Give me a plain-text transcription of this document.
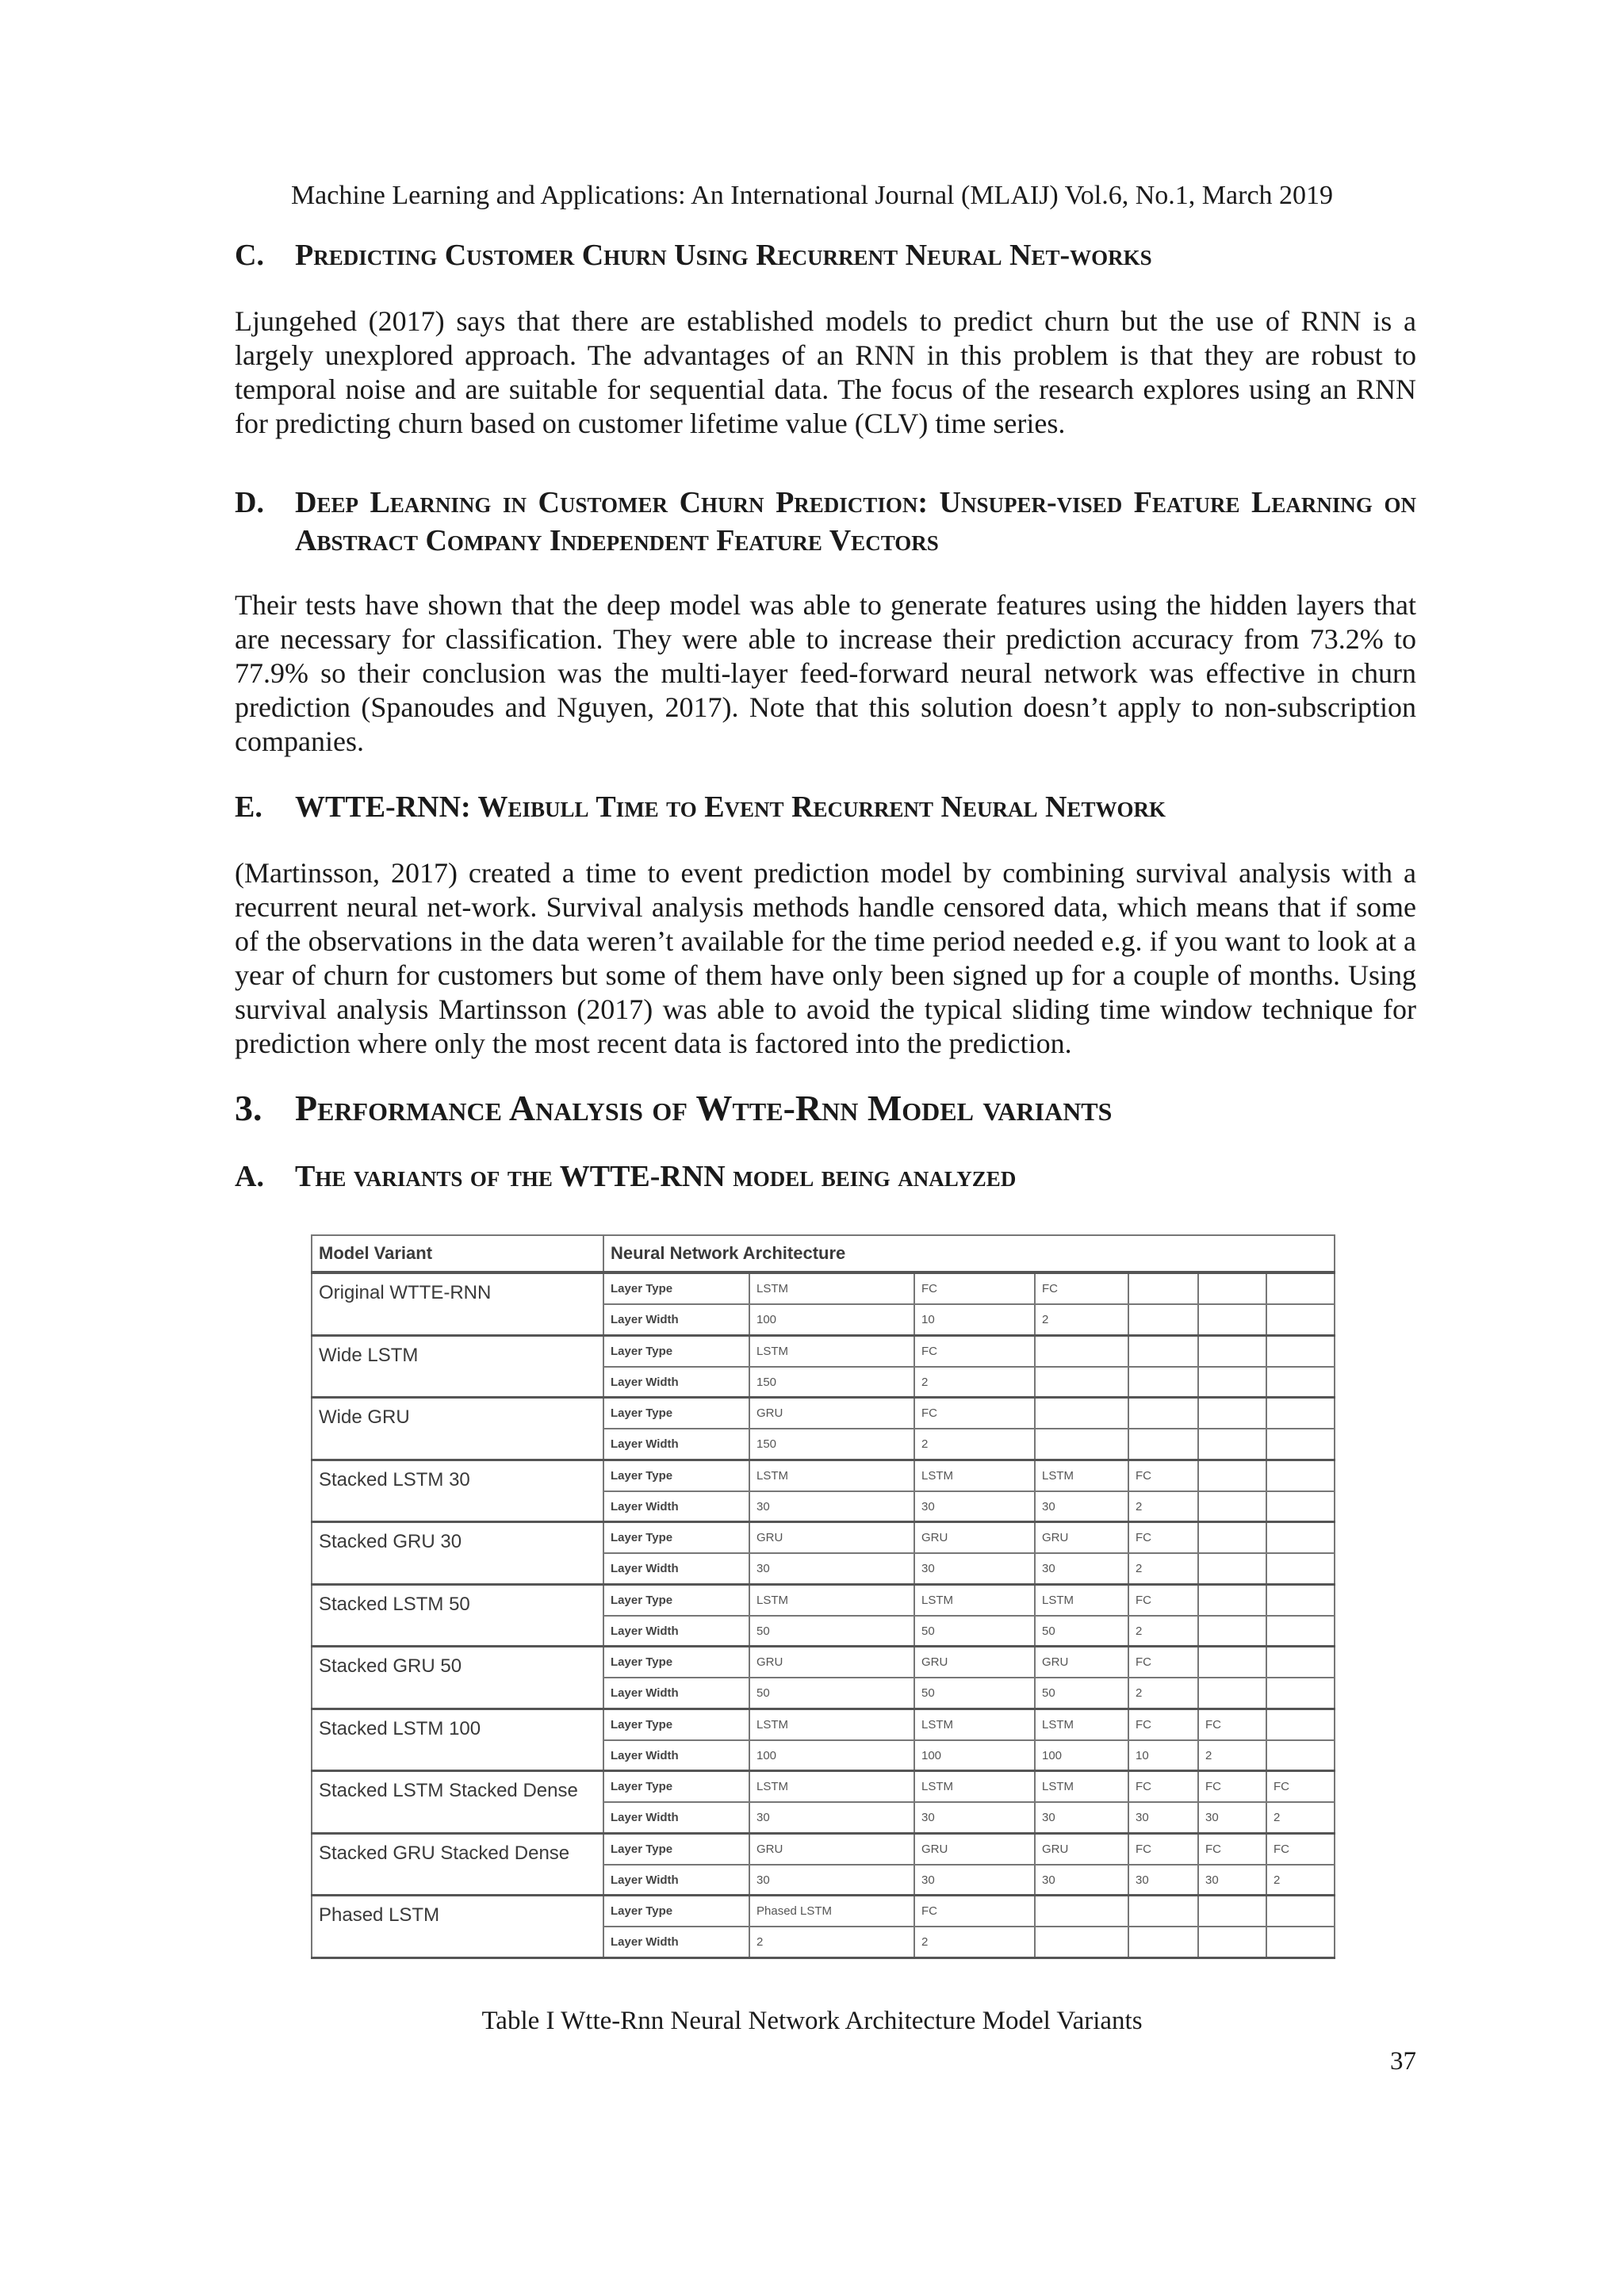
Machine Learning and Applications: An International Journal (MLAIJ) Vol.6, No.1, March 2019
C. Predicting Customer Churn Using Recurrent Neural Net-works

Ljungehed (2017) says that there are established models to predict churn but the use of RNN is a largely unexplored approach. The advantages of an RNN in this problem is that they are robust to temporal noise and are suitable for sequential data. The focus of the research explores using an RNN for predicting churn based on customer lifetime value (CLV) time series.

D. Deep Learning in Customer Churn Prediction: Unsuper-vised Feature Learning on Abstract Company Independent Feature Vectors

Their tests have shown that the deep model was able to generate features using the hidden layers that are necessary for classification. They were able to increase their prediction accuracy from 73.2% to 77.9% so their conclusion was the multi-layer feed-forward neural network was effective in churn prediction (Spanoudes and Nguyen, 2017). Note that this solution doesn’t apply to non-subscription companies.

E. WTTE-RNN: Weibull Time to Event Recurrent Neural Network

(Martinsson, 2017) created a time to event prediction model by combining survival analysis with a recurrent neural net-work. Survival analysis methods handle censored data, which means that if some of the observations in the data weren’t available for the time period needed e.g. if you want to look at a year of churn for customers but some of them have only been signed up for a couple of months. Using survival analysis Martinsson (2017) was able to avoid the typical sliding time window technique for prediction where only the most recent data is factored into the prediction.

3. Performance Analysis of Wtte-Rnn Model variants
A. The variants of the WTTE-RNN model being analyzed
Model Variant	Neural Network Architecture						
Original WTTE-RNN	Layer Type	LSTM	FC	FC			
	Layer Width	100	10	2			
Wide LSTM	Layer Type	LSTM	FC				
	Layer Width	150	2				
Wide GRU	Layer Type	GRU	FC				
	Layer Width	150	2				
Stacked LSTM 30	Layer Type	LSTM	LSTM	LSTM	FC		
	Layer Width	30	30	30	2		
Stacked GRU 30	Layer Type	GRU	GRU	GRU	FC		
	Layer Width	30	30	30	2		
Stacked LSTM 50	Layer Type	LSTM	LSTM	LSTM	FC		
	Layer Width	50	50	50	2		
Stacked GRU 50	Layer Type	GRU	GRU	GRU	FC		
	Layer Width	50	50	50	2		
Stacked LSTM 100	Layer Type	LSTM	LSTM	LSTM	FC	FC	
	Layer Width	100	100	100	10	2	
Stacked LSTM Stacked Dense	Layer Type	LSTM	LSTM	LSTM	FC	FC	FC
	Layer Width	30	30	30	30	30	2
Stacked GRU Stacked Dense	Layer Type	GRU	GRU	GRU	FC	FC	FC
	Layer Width	30	30	30	30	30	2
Phased LSTM	Layer Type	Phased LSTM	FC				
	Layer Width	2	2				
Table I Wtte-Rnn Neural Network Architecture Model Variants
37
